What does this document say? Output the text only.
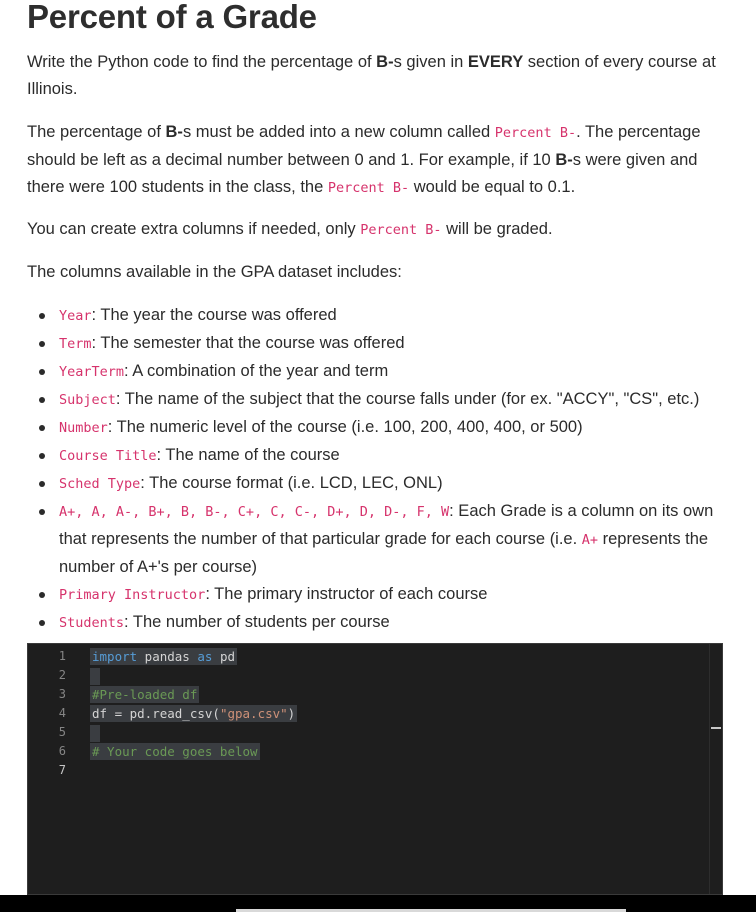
Percent of a Grade

Write the Python code to find the percentage of B-s given in EVERY section of every course at Illinois.

The percentage of B-s must be added into a new column called Percent B-. The percentage should be left as a decimal number between 0 and 1. For example, if 10 B-s were given and there were 100 students in the class, the Percent B- would be equal to 0.1.

You can create extra columns if needed, only Percent B- will be graded.

The columns available in the GPA dataset includes:

Year: The year the course was offered
Term: The semester that the course was offered
YearTerm: A combination of the year and term
Subject: The name of the subject that the course falls under (for ex. "ACCY", "CS", etc.)
Number: The numeric level of the course (i.e. 100, 200, 400, 400, or 500)
Course Title: The name of the course
Sched Type: The course format (i.e. LCD, LEC, ONL)
A+, A, A-, B+, B, B-, C+, C, C-, D+, D, D-, F, W: Each Grade is a column on its own that represents the number of that particular grade for each course (i.e. A+ represents the number of A+'s per course)
Primary Instructor: The primary instructor of each course
Students: The number of students per course
1
2
3
4
5
6
7
import pandas as pd
#Pre-loaded df
df = pd.read_csv("gpa.csv")
# Your code goes below
